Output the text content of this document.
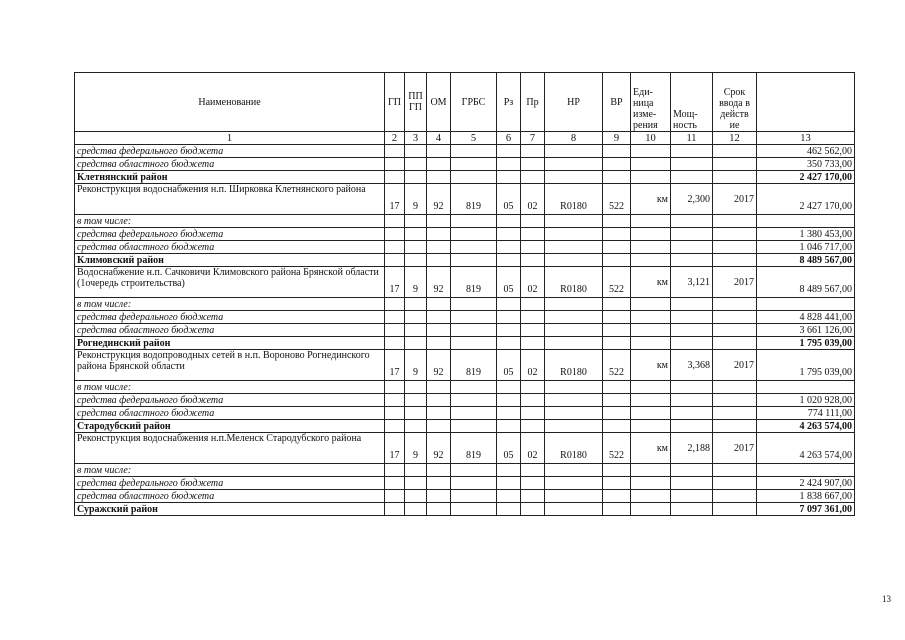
Наименование	ГП	ПП ГП	ОМ	ГРБС	Рз	Пр	НР	ВР	Еди-ница изме-рения	Мощ-ность	Срок ввода в действ ие	
1	2	3	4	5	6	7	8	9	10	11	12	13
средства федерального бюджета												462 562,00
средства областного бюджета												350 733,00
Клетнянский район												2 427 170,00
Реконструкция водоснабжения н.п. Ширковка Клетнянского района	17	9	92	819	05	02	R0180	522	км	2,300	2017	2 427 170,00
в том числе:												
средства федерального бюджета												1 380 453,00
средства областного бюджета												1 046 717,00
Климовский район												8 489 567,00
Водоснабжение н.п. Сачковичи Климовского района Брянской области (1очередь строительства)	17	9	92	819	05	02	R0180	522	км	3,121	2017	8 489 567,00
в том числе:												
средства федерального бюджета												4 828 441,00
средства областного бюджета												3 661 126,00
Рогнединский район												1 795 039,00
Реконструкция водопроводных сетей в н.п. Вороново Рогнединского района Брянской области	17	9	92	819	05	02	R0180	522	км	3,368	2017	1 795 039,00
в том числе:												
средства федерального бюджета												1 020 928,00
средства областного бюджета												774 111,00
Стародубский район												4 263 574,00
Реконструкция водоснабжения н.п.Меленск Стародубского района	17	9	92	819	05	02	R0180	522	км	2,188	2017	4 263 574,00
в том числе:												
средства федерального бюджета												2 424 907,00
средства областного бюджета												1 838 667,00
Суражский район												7 097 361,00
13
